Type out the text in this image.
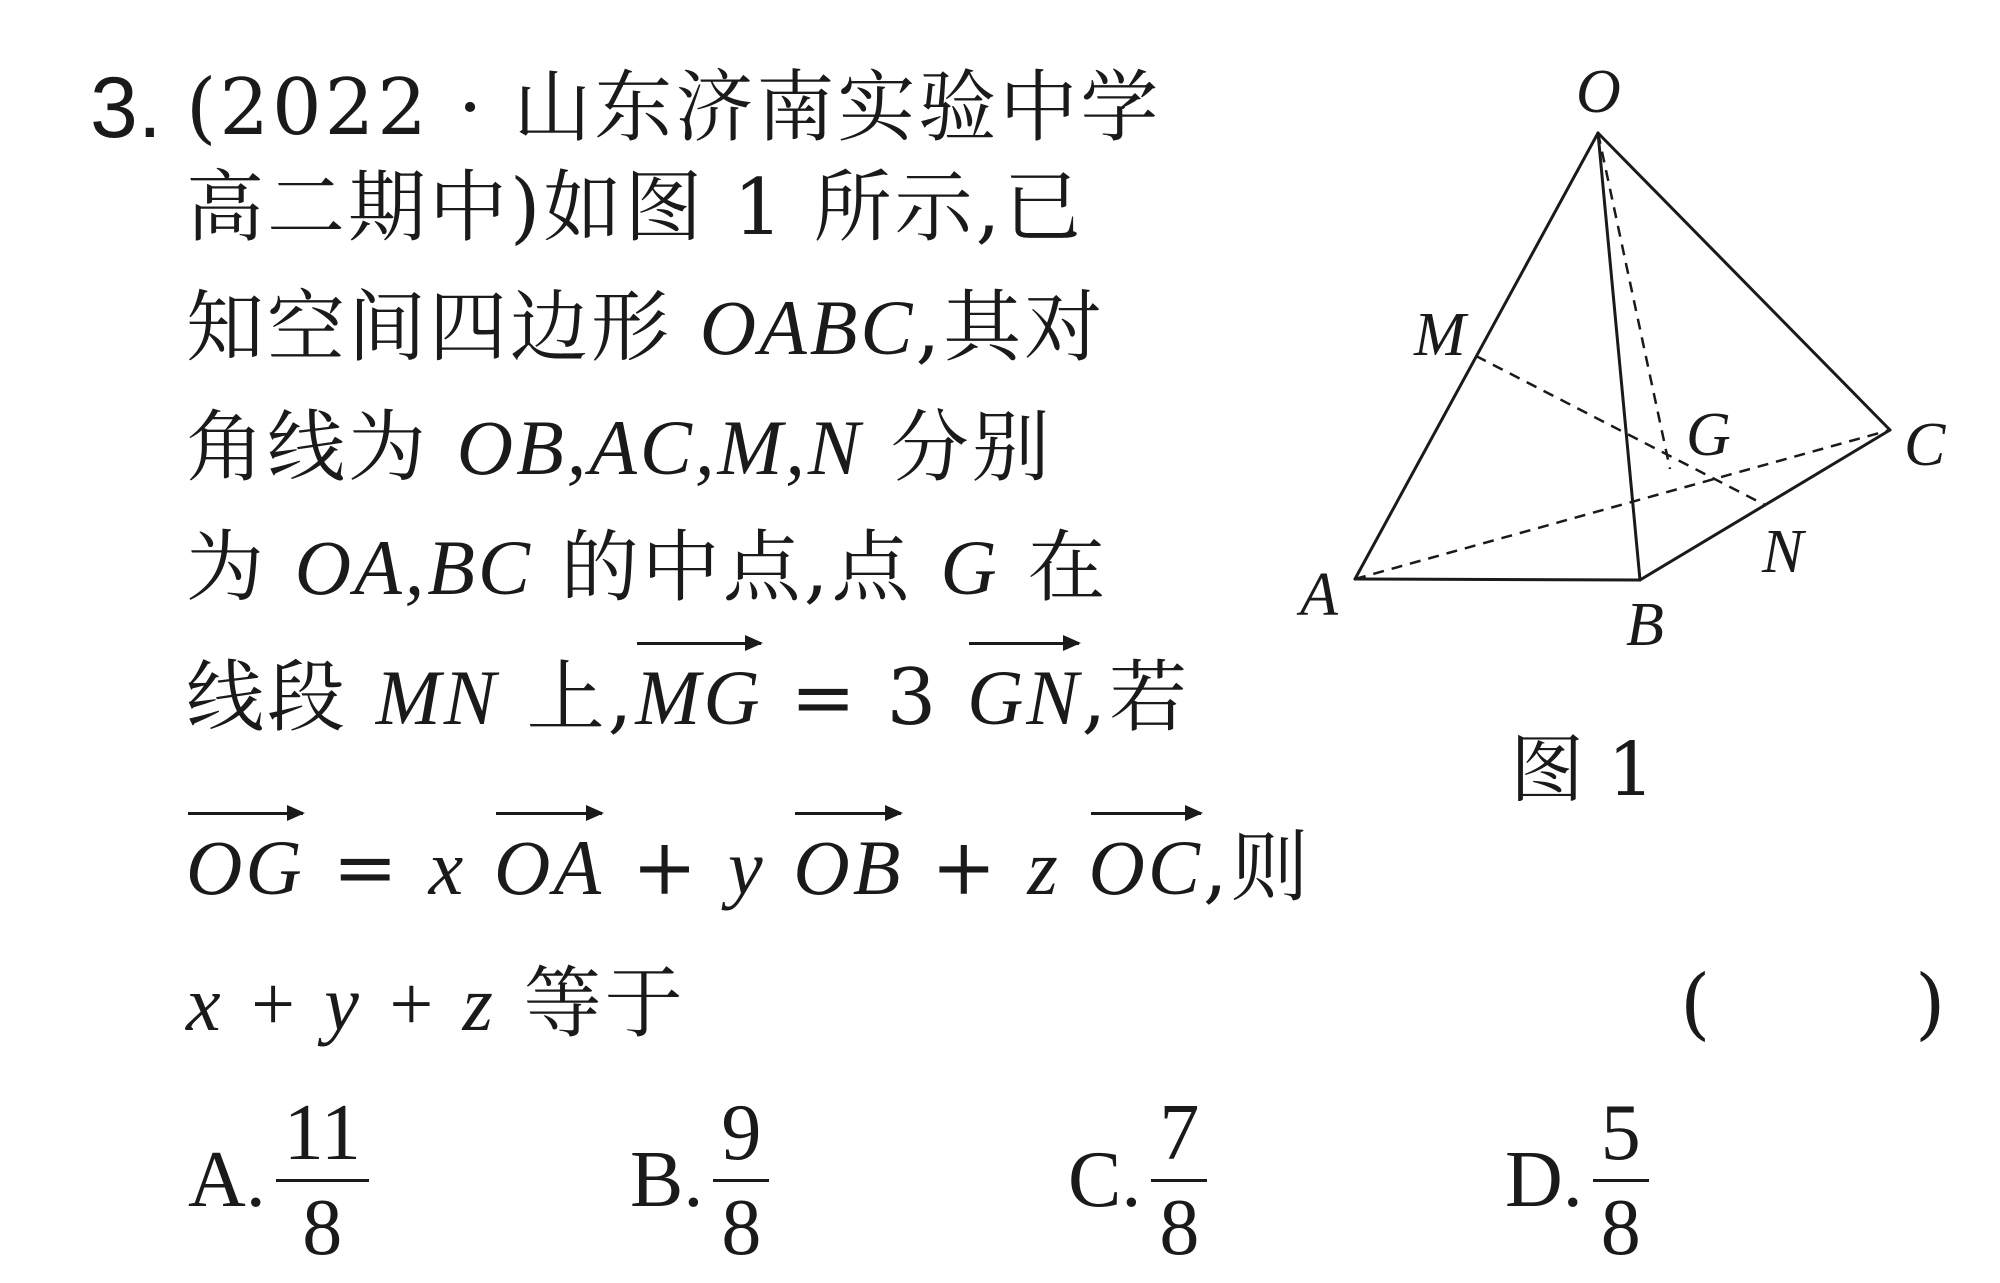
3. (2022 · 山东济南实验中学
高二期中)如图 1 所示,已
知空间四边形 OABC,其对
角线为 OB,AC,M,N 分别
为 OA,BC 的中点,点 G 在
线段 MN 上,MG = 3 GN,若
OG = x OA + y OB + z OC,则
x + y + z 等于	(	)
A. $\frac{11}{8}$	B. $\frac{9}{8}$	C. $\frac{7}{8}$	D. $\frac{5}{8}$
O
M
G	C
N
A	B
图 1
